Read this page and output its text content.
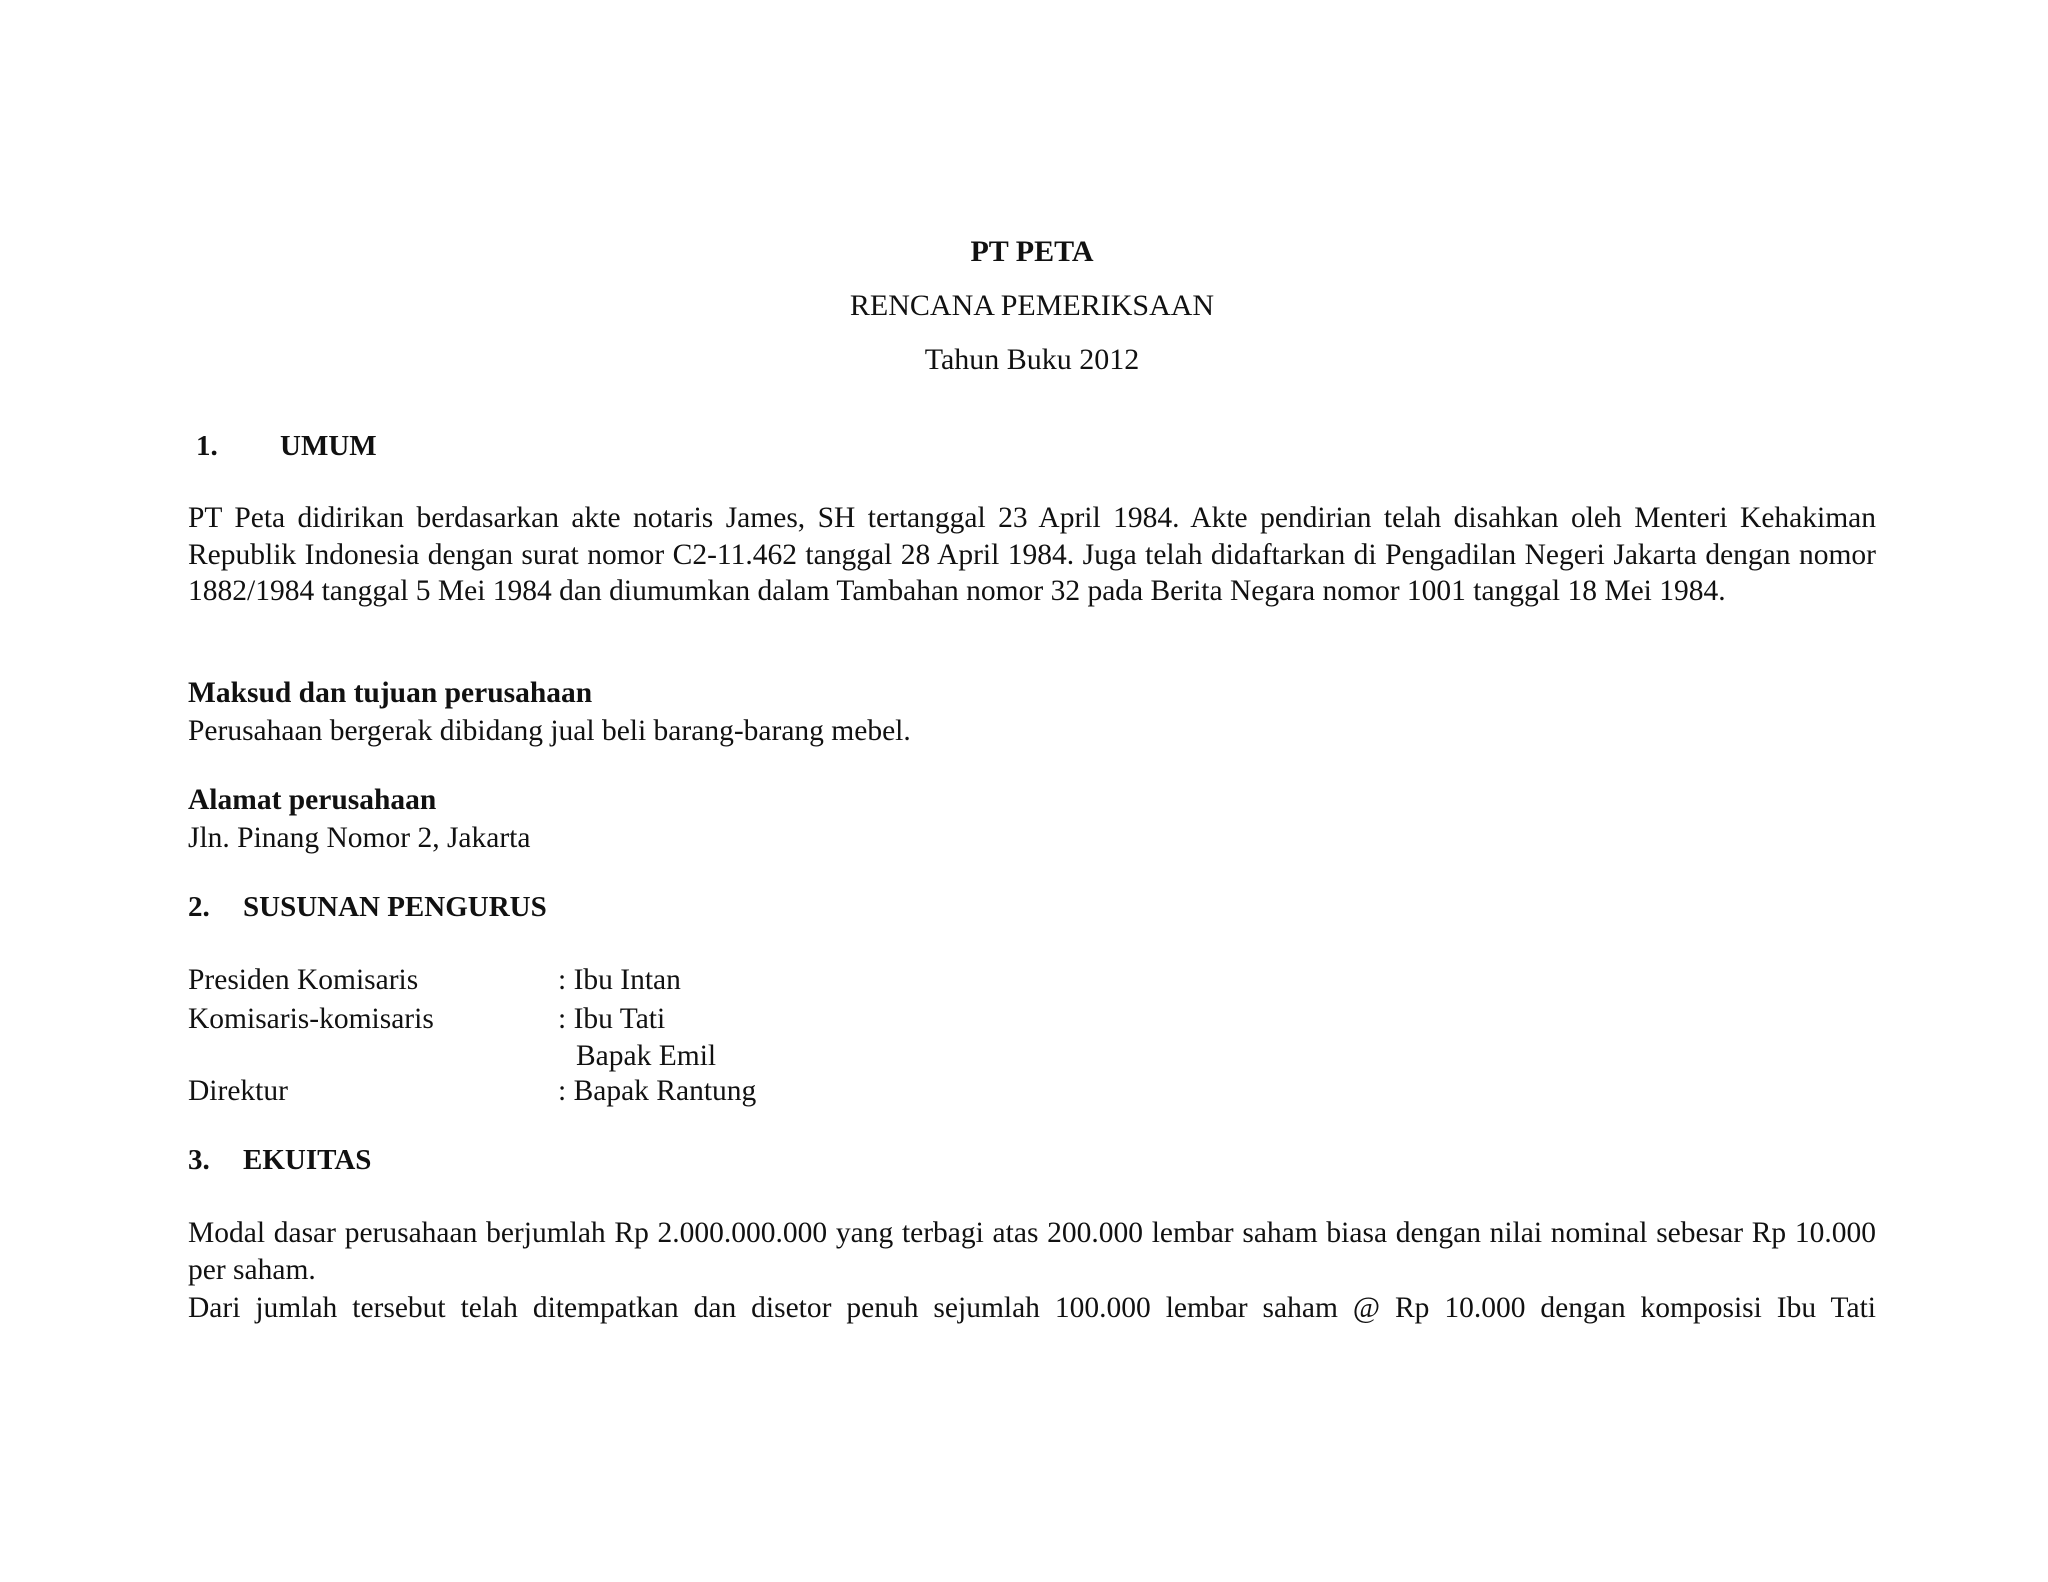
PT PETA
RENCANA PEMERIKSAAN
Tahun Buku 2012
1. UMUM

PT Peta didirikan berdasarkan akte notaris James, SH tertanggal 23 April 1984. Akte pendirian telah disahkan oleh Menteri Kehakiman Republik Indonesia dengan surat nomor C2-11.462 tanggal 28 April 1984. Juga telah didaftarkan di Pengadilan Negeri Jakarta dengan nomor 1882/1984 tanggal 5 Mei 1984 dan diumumkan dalam Tambahan nomor 32 pada Berita Negara nomor 1001 tanggal 18 Mei 1984.

Maksud dan tujuan perusahaan
Perusahaan bergerak dibidang jual beli barang-barang mebel.
Alamat perusahaan
Jln. Pinang Nomor 2, Jakarta
2. SUSUNAN PENGURUS
Presiden Komisaris	: Ibu Intan
Komisaris-komisaris	: Ibu Tati
Bapak Emil
Direktur	: Bapak Rantung
3. EKUITAS

Modal dasar perusahaan berjumlah Rp 2.000.000.000 yang terbagi atas 200.000 lembar saham biasa dengan nilai nominal sebesar Rp 10.000 per saham.

Dari jumlah tersebut telah ditempatkan dan disetor penuh sejumlah 100.000 lembar saham @ Rp 10.000 dengan komposisi Ibu Tati
